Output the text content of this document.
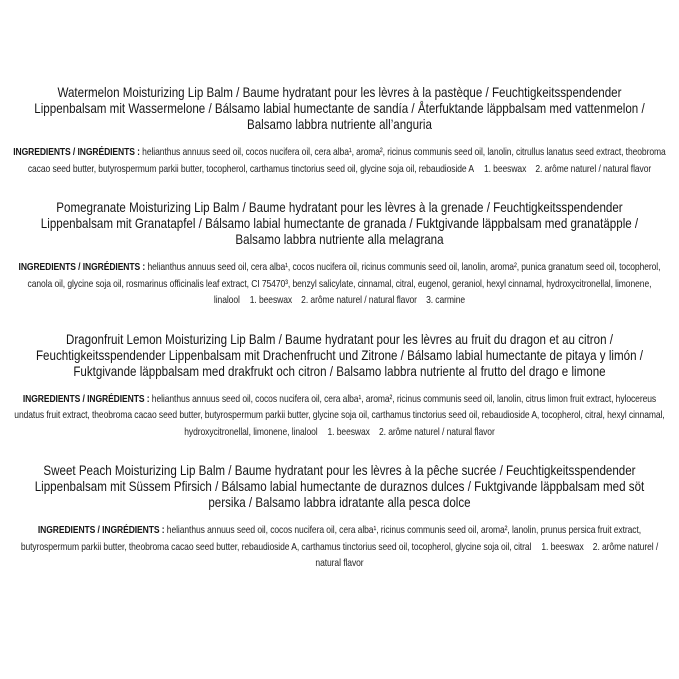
Watermelon Moisturizing Lip Balm / Baume hydratant pour les lèvres à la pastèque / Feuchtigkeitsspendender Lippenbalsam mit Wassermelone / Bálsamo labial humectante de sandía / Återfuktande läppbalsam med vattenmelon / Balsamo labbra nutriente all’anguria

INGREDIENTS / INGRÉDIENTS : helianthus annuus seed oil, cocos nucifera oil, cera alba¹, aroma², ricinus communis seed oil, lanolin, citrullus lanatus seed extract, theobroma cacao seed butter, butyrospermum parkii butter, tocopherol, carthamus tinctorius seed oil, glycine soja oil, rebaudioside A 1. beeswax    2. arôme naturel / natural flavor

Pomegranate Moisturizing Lip Balm / Baume hydratant pour les lèvres à la grenade / Feuchtigkeitsspendender Lippenbalsam mit Granatapfel / Bálsamo labial humectante de granada / Fuktgivande läppbalsam med granatäpple / Balsamo labbra nutriente alla melagrana

INGREDIENTS / INGRÉDIENTS : helianthus annuus seed oil, cera alba¹, cocos nucifera oil, ricinus communis seed oil, lanolin, aroma², punica granatum seed oil, tocopherol, canola oil, glycine soja oil, rosmarinus officinalis leaf extract, CI 75470³, benzyl salicylate, cinnamal, citral, eugenol, geraniol, hexyl cinnamal, hydroxycitronellal, limonene, linalool 1. beeswax    2. arôme naturel / natural flavor    3. carmine

Dragonfruit Lemon Moisturizing Lip Balm / Baume hydratant pour les lèvres au fruit du dragon et au citron / Feuchtigkeitsspendender Lippenbalsam mit Drachenfrucht und Zitrone / Bálsamo labial humectante de pitaya y limón / Fuktgivande läppbalsam med drakfrukt och citron / Balsamo labbra nutriente al frutto del drago e limone

INGREDIENTS / INGRÉDIENTS : helianthus annuus seed oil, cocos nucifera oil, cera alba¹, aroma², ricinus communis seed oil, lanolin, citrus limon fruit extract, hylocereus undatus fruit extract, theobroma cacao seed butter, butyrospermum parkii butter, glycine soja oil, carthamus tinctorius seed oil, rebaudioside A, tocopherol, citral, hexyl cinnamal, hydroxycitronellal, limonene, linalool 1. beeswax    2. arôme naturel / natural flavor

Sweet Peach Moisturizing Lip Balm / Baume hydratant pour les lèvres à la pêche sucrée / Feuchtigkeitsspendender Lippenbalsam mit Süssem Pfirsich / Bálsamo labial humectante de duraznos dulces / Fuktgivande läppbalsam med söt persika / Balsamo labbra idratante alla pesca dolce

INGREDIENTS / INGRÉDIENTS : helianthus annuus seed oil, cocos nucifera oil, cera alba¹, ricinus communis seed oil, aroma², lanolin, prunus persica fruit extract, butyrospermum parkii butter, theobroma cacao seed butter, rebaudioside A, carthamus tinctorius seed oil, tocopherol, glycine soja oil, citral 1. beeswax    2. arôme naturel / natural flavor
